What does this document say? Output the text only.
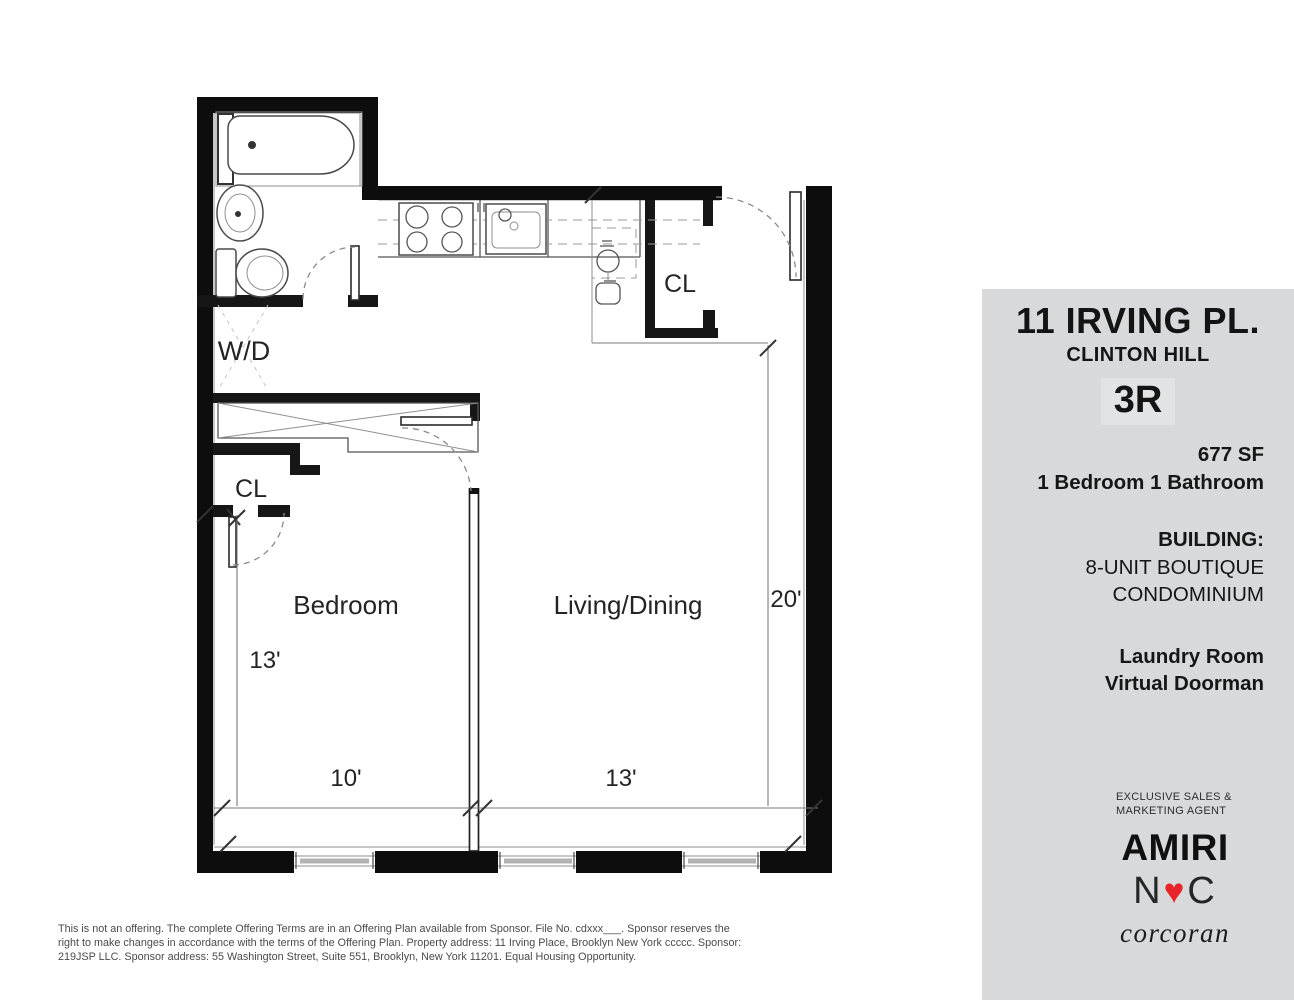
CL
W/D
CL
Bedroom	Living/Dining
10'	13'
13'
20'
11 IRVING PL.
CLINTON HILL
3R
677 SF
1 Bedroom 1 Bathroom
BUILDING:
8-UNIT BOUTIQUE
CONDOMINIUM
Laundry Room
Virtual Doorman
EXCLUSIVE SALES &
MARKETING AGENT
AMIRI
N ♥ C
corcoran
This is not an offering. The complete Offering Terms are in an Offering Plan available from Sponsor. File No. cdxxx___. Sponsor reserves the
right to make changes in accordance with the terms of the Offering Plan. Property address: 11 Irving Place, Brooklyn New York ccccc. Sponsor:
219JSP LLC. Sponsor address: 55 Washington Street, Suite 551, Brooklyn, New York 11201. Equal Housing Opportunity.
